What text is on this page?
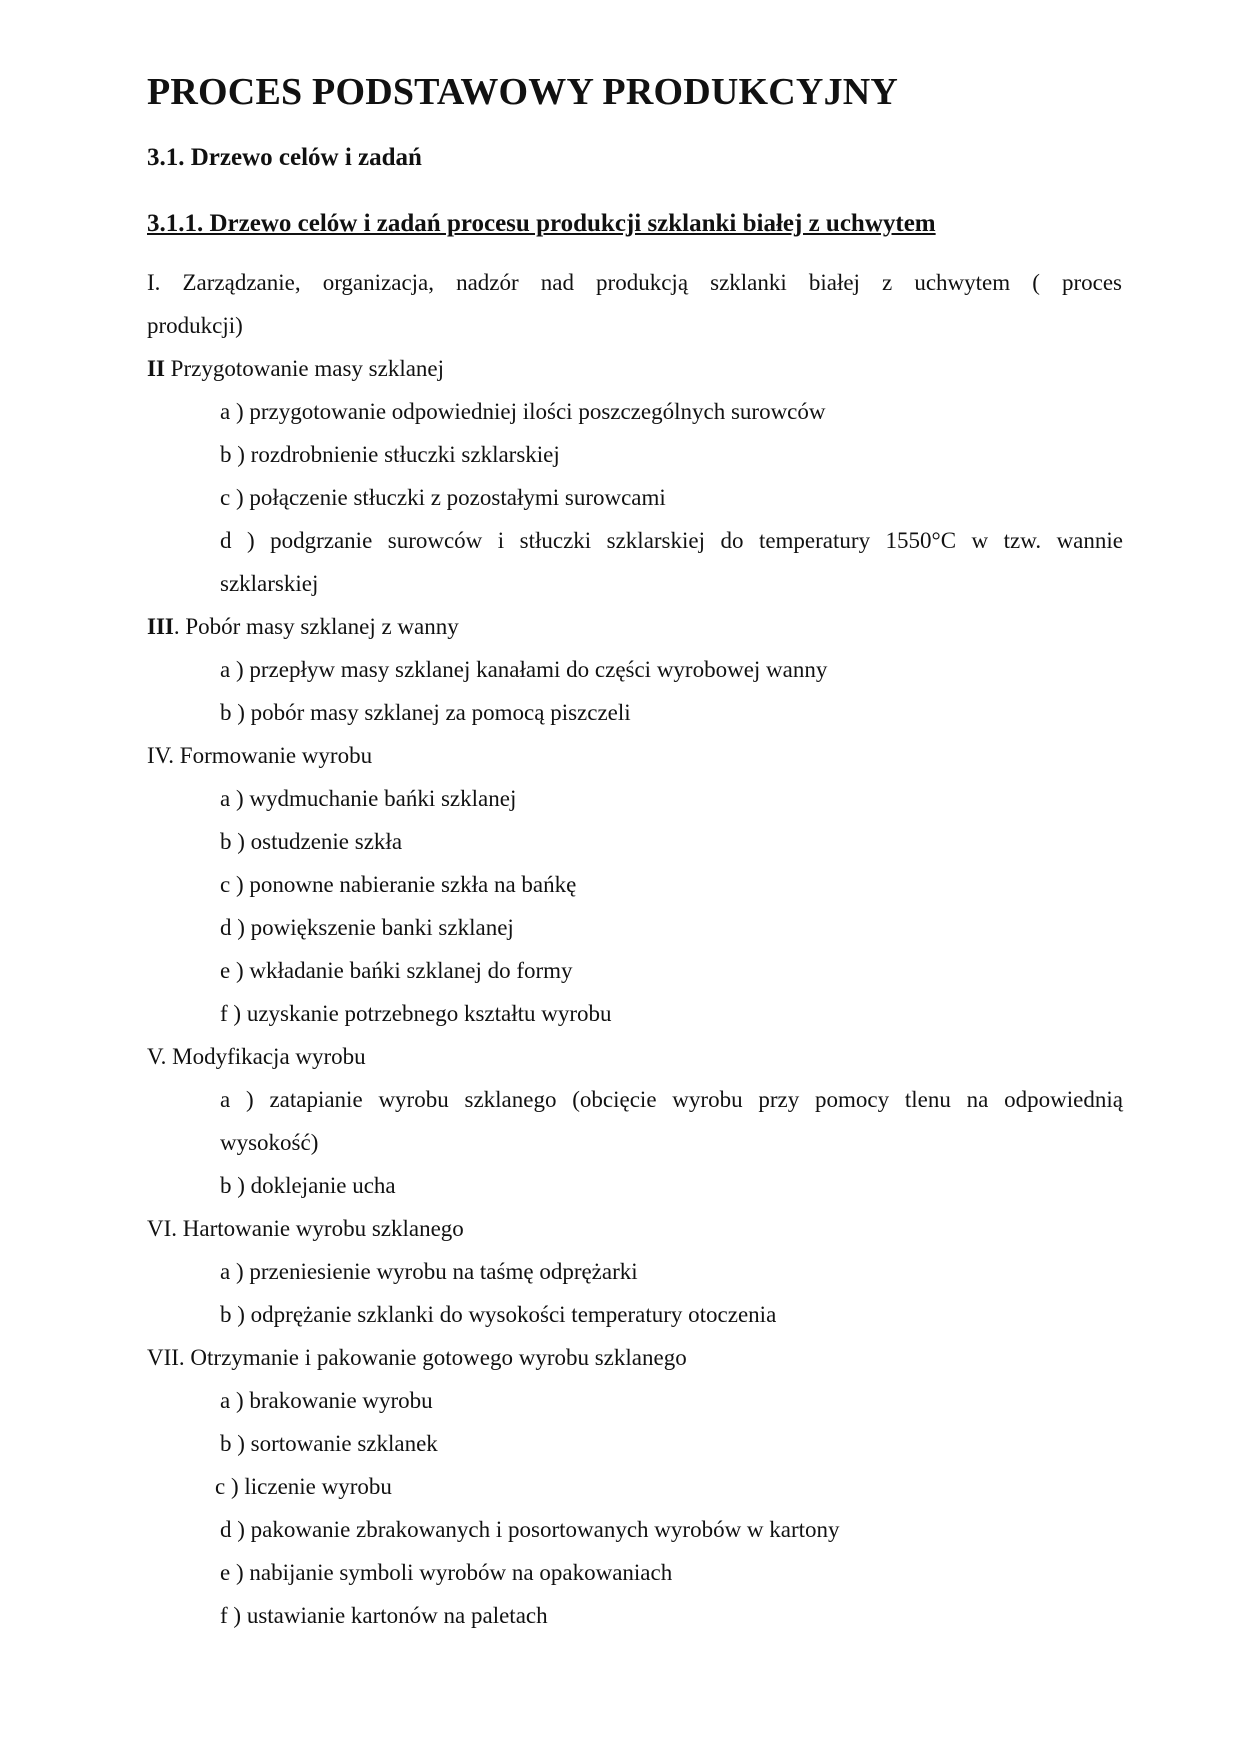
PROCES PODSTAWOWY PRODUKCYJNY
3.1. Drzewo celów i zadań
3.1.1. Drzewo celów i zadań procesu produkcji szklanki białej z uchwytem
I. Zarządzanie, organizacja, nadzór nad produkcją szklanki białej z uchwytem ( proces
produkcji)
II Przygotowanie masy szklanej
a ) przygotowanie odpowiedniej ilości poszczególnych surowców
b ) rozdrobnienie stłuczki szklarskiej
c ) połączenie stłuczki z pozostałymi surowcami
d ) podgrzanie surowców i stłuczki szklarskiej do temperatury 1550°C w tzw. wannie
szklarskiej
III. Pobór masy szklanej z wanny
a ) przepływ masy szklanej kanałami do części wyrobowej wanny
b ) pobór masy szklanej za pomocą piszczeli
IV. Formowanie wyrobu
a ) wydmuchanie bańki szklanej
b ) ostudzenie szkła
c ) ponowne nabieranie szkła na bańkę
d ) powiększenie banki szklanej
e ) wkładanie bańki szklanej do formy
f ) uzyskanie potrzebnego kształtu wyrobu
V. Modyfikacja wyrobu
a ) zatapianie wyrobu szklanego (obcięcie wyrobu przy pomocy tlenu na odpowiednią
wysokość)
b ) doklejanie ucha
VI. Hartowanie wyrobu szklanego
a ) przeniesienie wyrobu na taśmę odprężarki
b ) odprężanie szklanki do wysokości temperatury otoczenia
VII. Otrzymanie i pakowanie gotowego wyrobu szklanego
a ) brakowanie wyrobu
b ) sortowanie szklanek
c ) liczenie wyrobu
d ) pakowanie zbrakowanych i posortowanych wyrobów w kartony
e ) nabijanie symboli wyrobów na opakowaniach
f ) ustawianie kartonów na paletach
